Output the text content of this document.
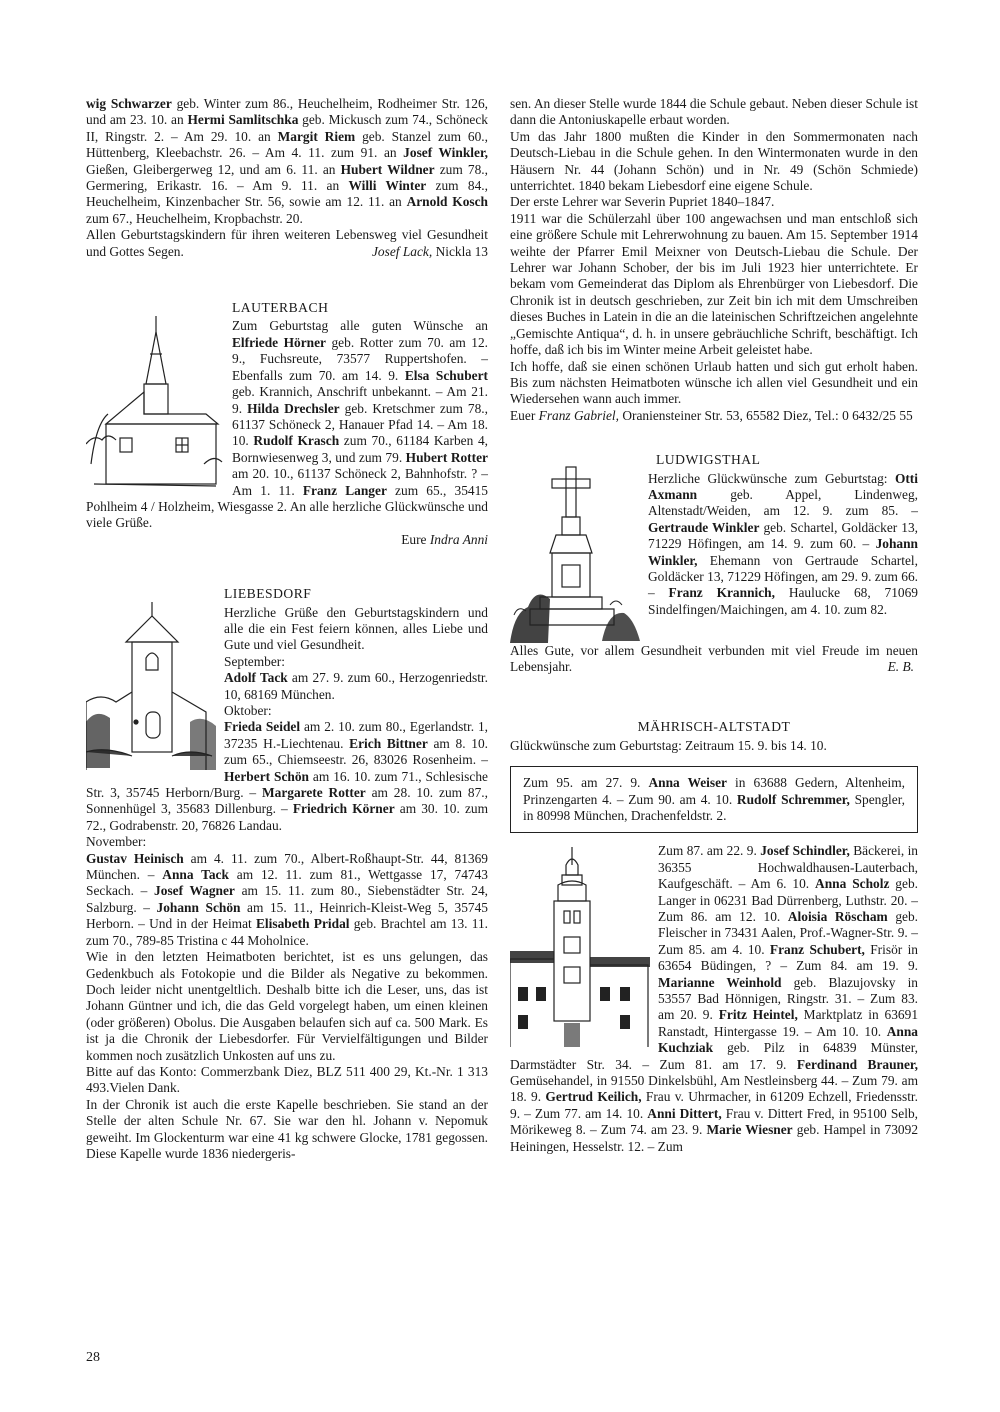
wig Schwarzer geb. Winter zum 86., Heuchelheim, Rodheimer Str. 126, und am 23. 10. an Hermi Samlitschka geb. Mickusch zum 74., Schöneck II, Ringstr. 2. – Am 29. 10. an Margit Riem geb. Stanzel zum 60., Hüttenberg, Kleebachstr. 26. – Am 4. 11. zum 91. an Josef Winkler, Gießen, Gleibergerweg 12, und am 6. 11. an Hubert Wildner zum 78., Germering, Erikastr. 16. – Am 9. 11. an Willi Winter zum 84., Heuchelheim, Kinzenbacher Str. 56, sowie am 12. 11. an Arnold Kosch zum 67., Heuchelheim, Kropbachstr. 20.

Allen Geburtstagskindern für ihren weiteren Lebensweg viel Gesundheit und Gottes Segen.	Josef Lack, Nickla 13

LAUTERBACH

Zum Geburtstag alle guten Wünsche an Elfriede Hörner geb. Rotter zum 70. am 12. 9., Fuchsreute, 73577 Ruppertshofen. – Ebenfalls zum 70. am 14. 9. Elsa Schubert geb. Krannich, Anschrift unbekannt. – Am 21. 9. Hilda Drechsler geb. Kretschmer zum 78., 61137 Schöneck 2, Hanauer Pfad 14. – Am 18. 10. Rudolf Krasch zum 70., 61184 Karben 4, Bornwiesenweg 3, und zum 79. Hubert Rotter am 20. 10., 61137 Schöneck 2, Bahnhofstr. ? – Am 1. 11. Franz Langer zum 65., 35415 Pohlheim 4 / Holzheim, Wiesgasse 2. An alle herzliche Glückwünsche und viele Grüße.

Eure Indra Anni

LIEBESDORF

Herzliche Grüße den Geburtstagskindern und alle die ein Fest feiern können, alles Liebe und Gute und viel Gesundheit.

September:

Adolf Tack am 27. 9. zum 60., Herzogenriedstr. 10, 68169 München.

Oktober:

Frieda Seidel am 2. 10. zum 80., Egerlandstr. 1, 37235 H.-Liechtenau. Erich Bittner am 8. 10. zum 65., Chiemseestr. 26, 83026 Rosenheim. – Herbert Schön am 16. 10. zum 71., Schlesische Str. 3, 35745 Herborn/Burg. – Margarete Rotter am 28. 10. zum 87., Sonnenhügel 3, 35683 Dillenburg. – Friedrich Körner am 30. 10. zum 72., Godrabenstr. 20, 76826 Landau.

November:

Gustav Heinisch am 4. 11. zum 70., Albert-Roßhaupt-Str. 44, 81369 München. – Anna Tack am 12. 11. zum 81., Wettgasse 17, 74743 Seckach. – Josef Wagner am 15. 11. zum 80., Siebenstädter Str. 24, Salzburg. – Johann Schön am 15. 11., Heinrich-Kleist-Weg 5, 35745 Herborn. – Und in der Heimat Elisabeth Pridal geb. Brachtel am 13. 11. zum 70., 789-85 Tristina c 44 Moholnice.

Wie in den letzten Heimatboten berichtet, ist es uns gelungen, das Gedenkbuch als Fotokopie und die Bilder als Negative zu bekommen. Doch leider nicht unentgeltlich. Deshalb bitte ich die Leser, uns, das ist Johann Güntner und ich, die das Geld vorgelegt haben, um einen kleinen (oder größeren) Obolus. Die Ausgaben belaufen sich auf ca. 500 Mark. Es ist ja die Chronik der Liebesdorfer. Für Vervielfältigungen und Bilder kommen noch zusätzlich Unkosten auf uns zu.

Bitte auf das Konto: Commerzbank Diez, BLZ 511 400 29, Kt.-Nr. 1 313 493.Vielen Dank.

In der Chronik ist auch die erste Kapelle beschrieben. Sie stand an der Stelle der alten Schule Nr. 67. Sie war den hl. Johann v. Nepomuk geweiht. Im Glockenturm war eine 41 kg schwere Glocke, 1781 gegossen. Diese Kapelle wurde 1836 niedergeris-

sen. An dieser Stelle wurde 1844 die Schule gebaut. Neben dieser Schule ist dann die Antoniuskapelle erbaut worden.

Um das Jahr 1800 mußten die Kinder in den Sommermonaten nach Deutsch-Liebau in die Schule gehen. In den Wintermonaten wurde in den Häusern Nr. 44 (Johann Schön) und in Nr. 49 (Schön Schmiede) unterrichtet. 1840 bekam Liebesdorf eine eigene Schule.

Der erste Lehrer war Severin Pupriet 1840–1847.

1911 war die Schülerzahl über 100 angewachsen und man entschloß sich eine größere Schule mit Lehrerwohnung zu bauen. Am 15. September 1914 weihte der Pfarrer Emil Meixner von Deutsch-Liebau die Schule. Der Lehrer war Johann Schober, der bis im Juli 1923 hier unterrichtete. Er bekam vom Gemeinderat das Diplom als Ehrenbürger von Liebesdorf. Die Chronik ist in deutsch geschrieben, zur Zeit bin ich mit dem Umschreiben dieses Buches in Latein in die an die lateinischen Schriftzeichen angelehnte „Gemischte Antiqua“, d. h. in unsere gebräuchliche Schrift, beschäftigt. Ich hoffe, daß ich bis im Winter meine Arbeit geleistet habe.

Ich hoffe, daß sie einen schönen Urlaub hatten und sich gut erholt haben. Bis zum nächsten Heimatboten wünsche ich allen viel Gesundheit und ein Wiedersehen wann auch immer.

Euer Franz Gabriel, Oraniensteiner Str. 53, 65582 Diez, Tel.: 0 6432/25 55

LUDWIGSTHAL

Herzliche Glückwünsche zum Geburtstag: Otti Axmann geb. Appel, Lindenweg, Altenstadt/Weiden, am 12. 9. zum 85. – Gertraude Winkler geb. Schartel, Goldäcker 13, 71229 Höfingen, am 14. 9. zum 60. – Johann Winkler, Ehemann von Gertraude Schartel, Goldäcker 13, 71229 Höfingen, am 29. 9. zum 66. – Franz Krannich, Haulucke 68, 71069 Sindelfingen/Maichingen, am 4. 10. zum 82.

Alles Gute, vor allem Gesundheit verbunden mit viel Freude im neuen Lebensjahr.	E. B.

MÄHRISCH-ALTSTADT

Glückwünsche zum Geburtstag: Zeitraum 15. 9. bis 14. 10.

Zum 95. am 27. 9. Anna Weiser in 63688 Gedern, Altenheim, Prinzengarten 4. – Zum 90. am 4. 10. Rudolf Schremmer, Spengler, in 80998 München, Drachenfeldstr. 2.

Zum 87. am 22. 9. Josef Schindler, Bäckerei, in 36355 Hochwaldhausen-Lauterbach, Kaufgeschäft. – Am 6. 10. Anna Scholz geb. Langer in 06231 Bad Dürrenberg, Luthstr. 20. – Zum 86. am 12. 10. Aloisia Röscham geb. Fleischer in 73431 Aalen, Prof.-Wagner-Str. 9. – Zum 85. am 4. 10. Franz Schubert, Frisör in 63654 Büdingen, ? – Zum 84. am 19. 9. Marianne Weinhold geb. Blazujovsky in 53557 Bad Hönnigen, Ringstr. 31. – Zum 83. am 20. 9. Fritz Heintel, Marktplatz in 63691 Ranstadt, Hintergasse 19. – Am 10. 10. Anna Kuchziak geb. Pilz in 64839 Münster, Darmstädter Str. 34. – Zum 81. am 17. 9. Ferdinand Brauner, Gemüsehandel, in 91550 Dinkelsbühl, Am Nestleinsberg 44. – Zum 79. am 18. 9. Gertrud Keilich, Frau v. Uhrmacher, in 61209 Echzell, Friedensstr. 9. – Zum 77. am 14. 10. Anni Dittert, Frau v. Dittert Fred, in 95100 Selb, Mörikeweg 8. – Zum 74. am 23. 9. Marie Wiesner geb. Hampel in 73092 Heiningen, Hesselstr. 12. – Zum

28
